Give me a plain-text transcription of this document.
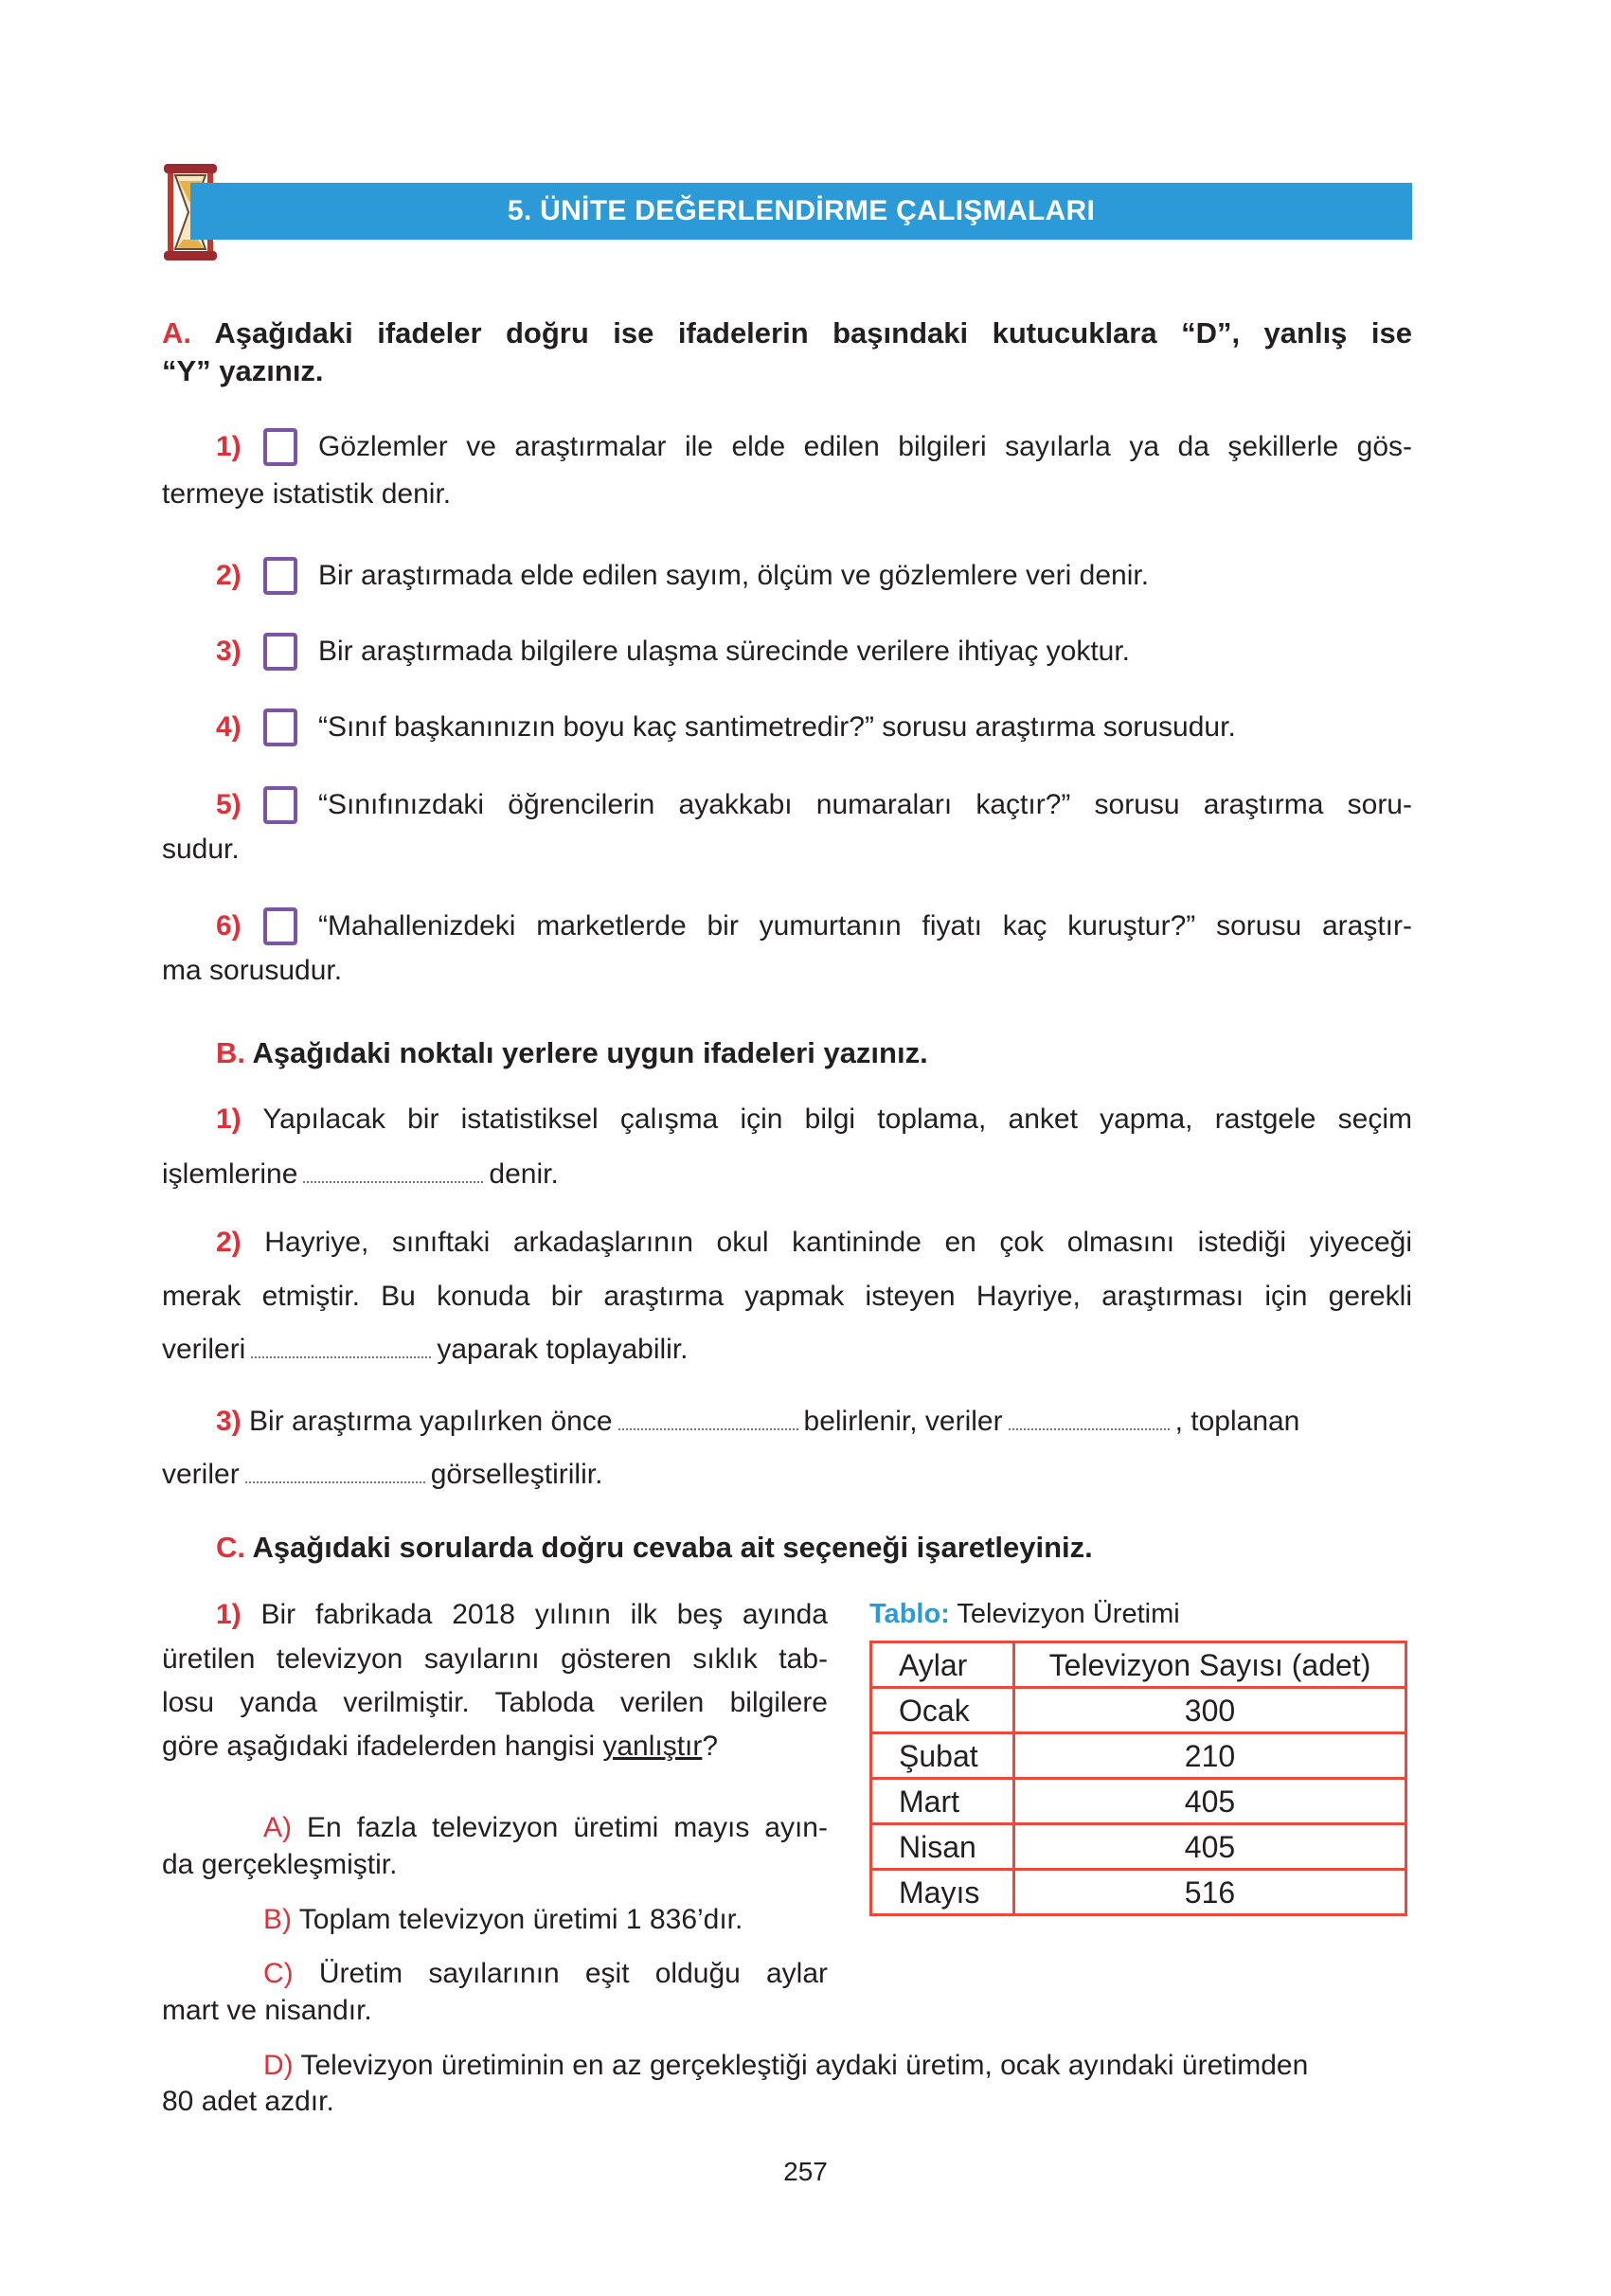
5. ÜNİTE DEĞERLENDİRME ÇALIŞMALARI
A. Aşağıdaki ifadeler doğru ise ifadelerin başındaki kutucuklara “D”, yanlış ise
“Y” yazınız.
1)	Gözlemler ve araştırmalar ile elde edilen bilgileri sayılarla ya da şekillerle gös-
termeye istatistik denir.
2)	Bir araştırmada elde edilen sayım, ölçüm ve gözlemlere veri denir.
3)	Bir araştırmada bilgilere ulaşma sürecinde verilere ihtiyaç yoktur.
4)	“Sınıf başkanınızın boyu kaç santimetredir?” sorusu araştırma sorusudur.
5)	“Sınıfınızdaki öğrencilerin ayakkabı numaraları kaçtır?” sorusu araştırma soru-
sudur.
6)	“Mahallenizdeki marketlerde bir yumurtanın fiyatı kaç kuruştur?” sorusu araştır-
ma sorusudur.
B. Aşağıdaki noktalı yerlere uygun ifadeleri yazınız.
1) Yapılacak bir istatistiksel çalışma için bilgi toplama, anket yapma, rastgele seçim
işlemlerine	denir.
2) Hayriye, sınıftaki arkadaşlarının okul kantininde en çok olmasını istediği yiyeceği
merak etmiştir. Bu konuda bir araştırma yapmak isteyen Hayriye, araştırması için gerekli
verileri	yaparak toplayabilir.
3) Bir araştırma yapılırken önce	belirlenir, veriler	, toplanan
veriler	görselleştirilir.
C. Aşağıdaki sorularda doğru cevaba ait seçeneği işaretleyiniz.
1) Bir fabrikada 2018 yılının ilk beş ayında
üretilen televizyon sayılarını gösteren sıklık tab-
losu yanda verilmiştir. Tabloda verilen bilgilere
göre aşağıdaki ifadelerden hangisi yanlıştır?
A) En fazla televizyon üretimi mayıs ayın-
da gerçekleşmiştir.
B) Toplam televizyon üretimi 1 836’dır.
C) Üretim sayılarının eşit olduğu aylar
mart ve nisandır.
D) Televizyon üretiminin en az gerçekleştiği aydaki üretim, ocak ayındaki üretimden
80 adet azdır.
Tablo: Televizyon Üretimi
Aylar	Televizyon Sayısı (adet)
Ocak	300
Şubat	210
Mart	405
Nisan	405
Mayıs	516
257
